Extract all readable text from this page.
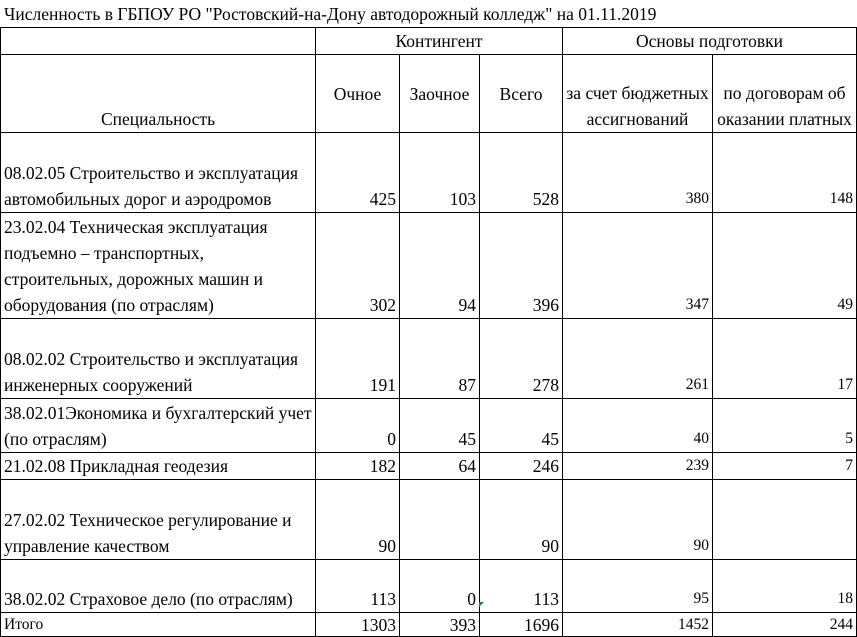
Численность в ГБПОУ РО "Ростовский-на-Дону автодорожный колледж" на 01.11.2019
	Контингент			Основы подготовки	
Специальность	Очное	Заочное	Всего	за счет бюджетных ассигнований	по договорам об оказании платных
08.02.05 Строительство и эксплуатация автомобильных дорог и аэродромов	425	103	528	380	148
23.02.04 Техническая эксплуатация подъемно – транспортных, строительных, дорожных машин и оборудования (по отраслям)	302	94	396	347	49
08.02.02 Строительство и эксплуатация инженерных сооружений	191	87	278	261	17
38.02.01Экономика и бухгалтерский учет (по отраслям)	0	45	45	40	5
21.02.08 Прикладная геодезия	182	64	246	239	7
27.02.02 Техническое регулирование и управление качеством	90		90	90	
38.02.02 Страховое дело (по отраслям)	113	0	113	95	18
Итого	1303	393	1696	1452	244
